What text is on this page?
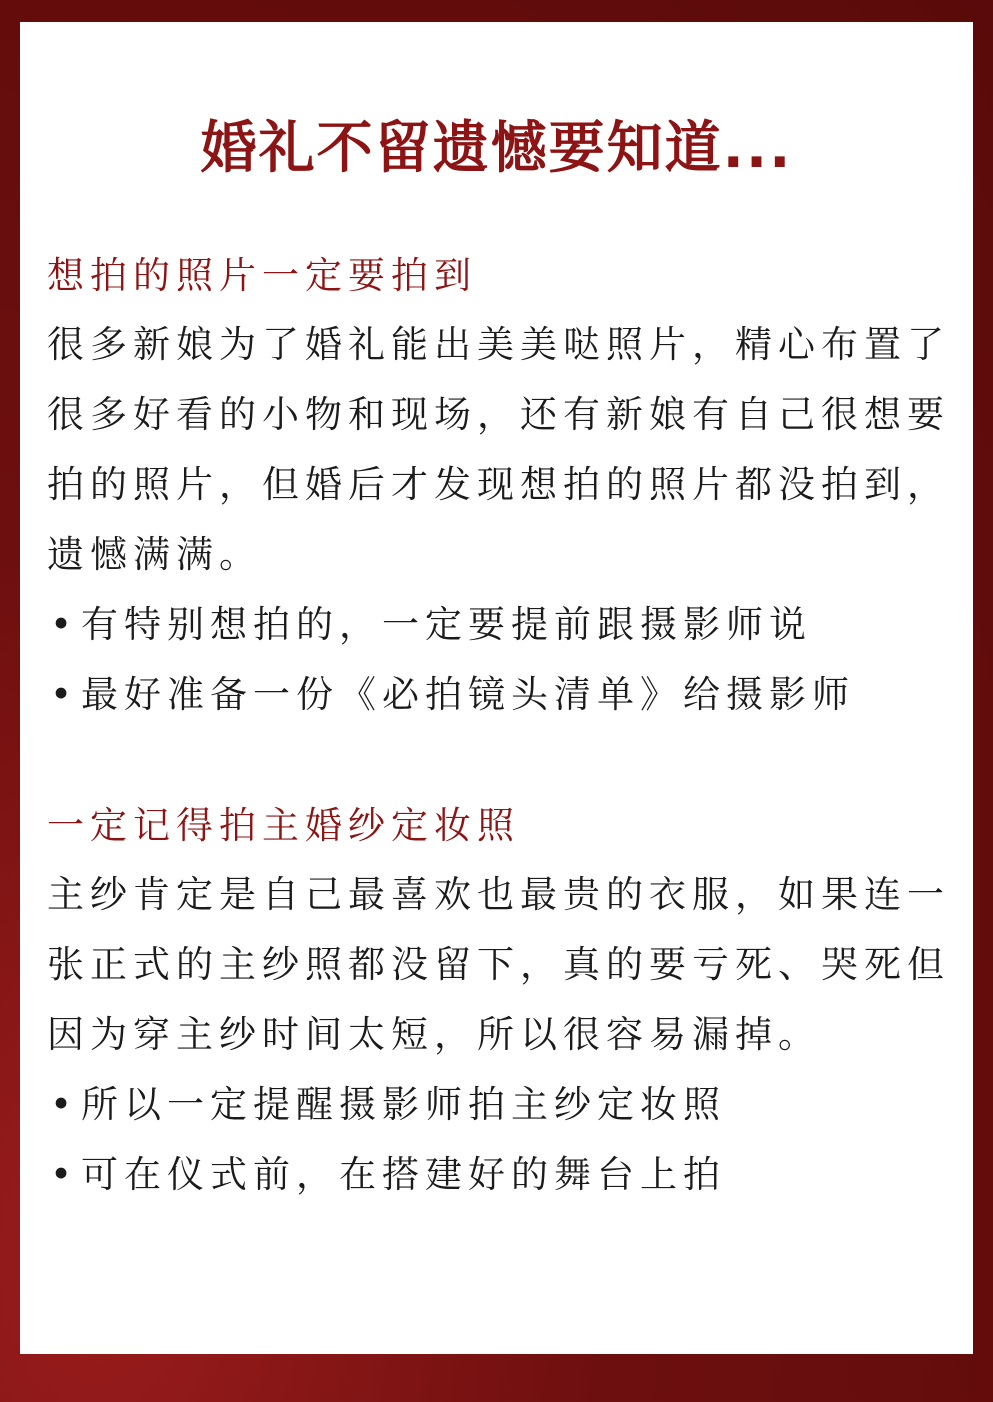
婚礼不留遗憾要知道...
想拍的照片一定要拍到
很多新娘为了婚礼能出美美哒照片，精心布置了
很多好看的小物和现场，还有新娘有自己很想要
拍的照片，但婚后才发现想拍的照片都没拍到，
遗憾满满。
•有特别想拍的，一定要提前跟摄影师说
•最好准备一份《必拍镜头清单》给摄影师
一定记得拍主婚纱定妆照
主纱肯定是自己最喜欢也最贵的衣服，如果连一
张正式的主纱照都没留下，真的要亏死、哭死但
因为穿主纱时间太短，所以很容易漏掉。
•所以一定提醒摄影师拍主纱定妆照
•可在仪式前，在搭建好的舞台上拍
